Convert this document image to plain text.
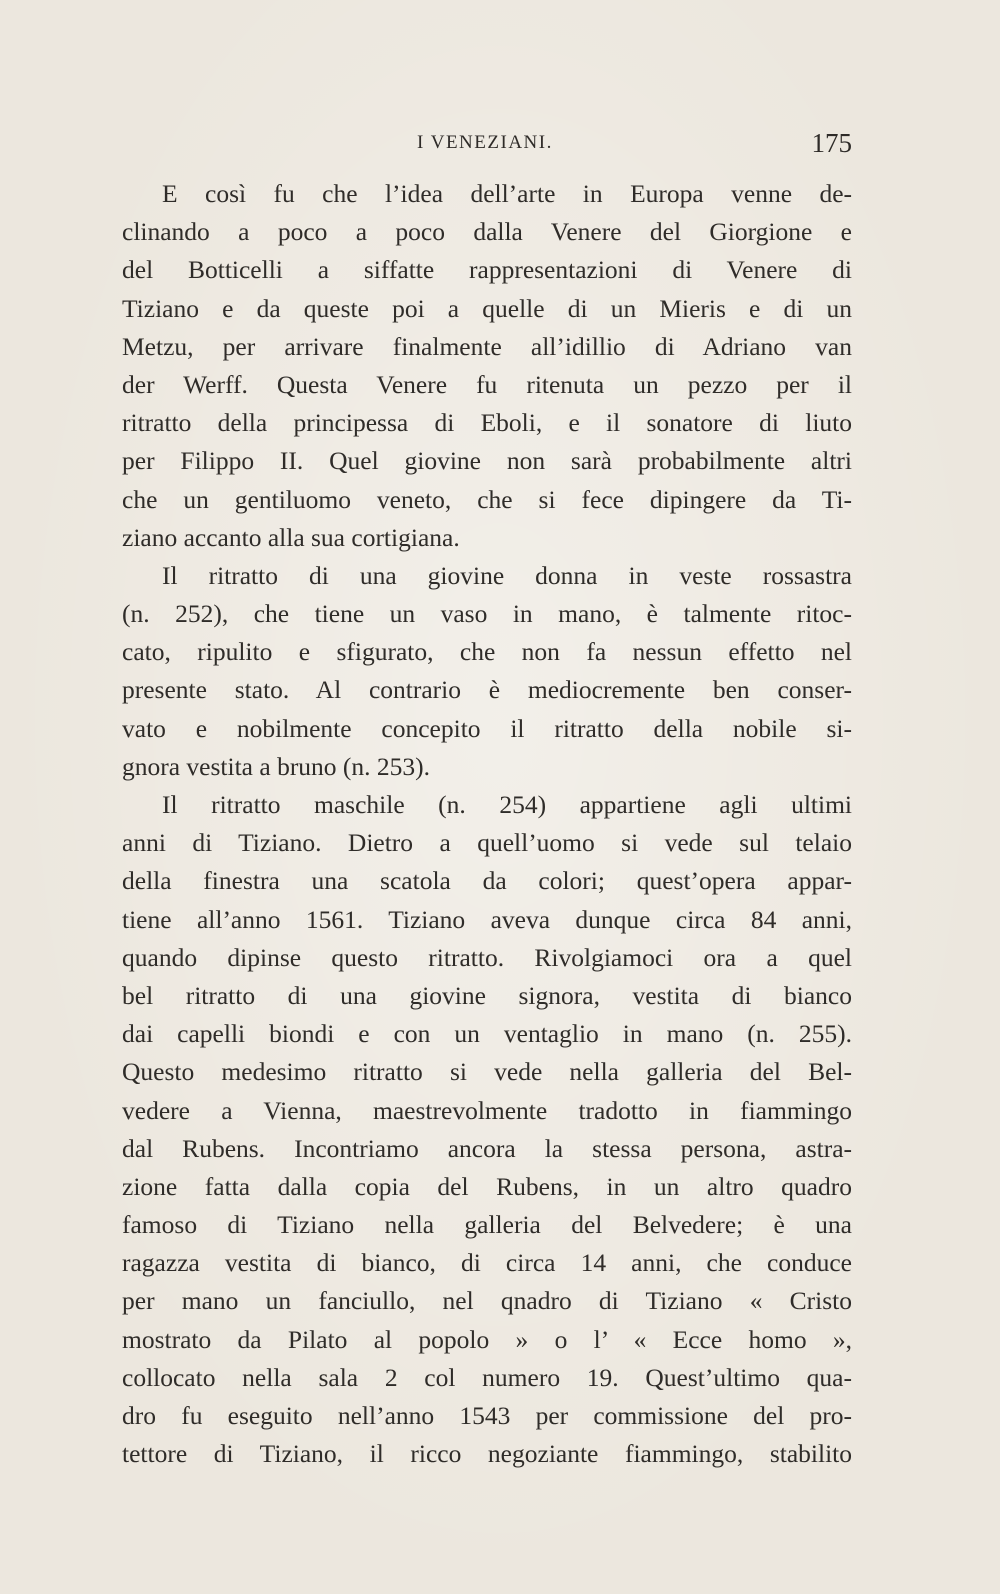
I VENEZIANI.	175
E così fu che l’idea dell’arte in Europa venne de-
clinando a poco a poco dalla Venere del Giorgione e
del Botticelli a siffatte rappresentazioni di Venere di
Tiziano e da queste poi a quelle di un Mieris e di un
Metzu, per arrivare finalmente all’idillio di Adriano van
der Werff. Questa Venere fu ritenuta un pezzo per il
ritratto della principessa di Eboli, e il sonatore di liuto
per Filippo II. Quel giovine non sarà probabilmente altri
che un gentiluomo veneto, che si fece dipingere da Ti-
ziano accanto alla sua cortigiana.
Il ritratto di una giovine donna in veste rossastra
(n. 252), che tiene un vaso in mano, è talmente ritoc-
cato, ripulito e sfigurato, che non fa nessun effetto nel
presente stato. Al contrario è mediocremente ben conser-
vato e nobilmente concepito il ritratto della nobile si-
gnora vestita a bruno (n. 253).
Il ritratto maschile (n. 254) appartiene agli ultimi
anni di Tiziano. Dietro a quell’uomo si vede sul telaio
della finestra una scatola da colori; quest’opera appar-
tiene all’anno 1561. Tiziano aveva dunque circa 84 anni,
quando dipinse questo ritratto. Rivolgiamoci ora a quel
bel ritratto di una giovine signora, vestita di bianco
dai capelli biondi e con un ventaglio in mano (n. 255).
Questo medesimo ritratto si vede nella galleria del Bel-
vedere a Vienna, maestrevolmente tradotto in fiammingo
dal Rubens. Incontriamo ancora la stessa persona, astra-
zione fatta dalla copia del Rubens, in un altro quadro
famoso di Tiziano nella galleria del Belvedere; è una
ragazza vestita di bianco, di circa 14 anni, che conduce
per mano un fanciullo, nel qnadro di Tiziano « Cristo
mostrato da Pilato al popolo » o l’ « Ecce homo »,
collocato nella sala 2 col numero 19. Quest’ultimo qua-
dro fu eseguito nell’anno 1543 per commissione del pro-
tettore di Tiziano, il ricco negoziante fiammingo, stabilito
